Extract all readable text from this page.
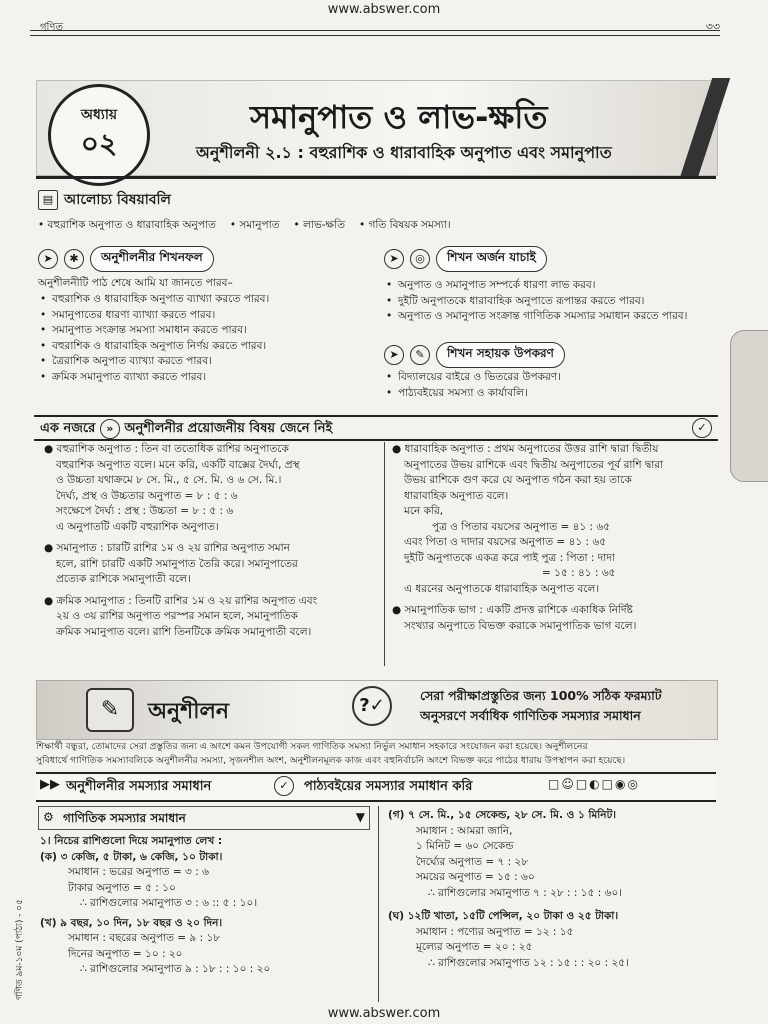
www.abswer.com
গণিত	৩৩
অধ্যায়
০২
সমানুপাত ও লাভ-ক্ষতি
অনুশীলনী ২.১ : বহুরাশিক ও ধারাবাহিক অনুপাত এবং সমানুপাত
▤ আলোচ্য বিষয়াবলি
• বহুরাশিক অনুপাত ও ধারাবাহিক অনুপাত • সমানুপাত • লাভ-ক্ষতি • গতি বিষয়ক সমস্যা।
➤	✱	অনুশীলনীর শিখনফল
অনুশীলনীটি পাঠ শেষে আমি যা জানতে পারব–
• বহুরাশিক ও ধারাবাহিক অনুপাত ব্যাখ্যা করতে পারব।
• সমানুপাতের ধারণা ব্যাখ্যা করতে পারব।
• সমানুপাত সংক্রান্ত সমস্যা সমাধান করতে পারব।
• বহুরাশিক ও ধারাবাহিক অনুপাত নির্ণয় করতে পারব।
• ত্রৈরাশিক অনুপাত ব্যাখ্যা করতে পারব।
• ক্রমিক সমানুপাত ব্যাখ্যা করতে পারব।
➤	◎	শিখন অর্জন যাচাই
• অনুপাত ও সমানুপাত সম্পর্কে ধারণা লাভ করব।
• দুইটি অনুপাতকে ধারাবাহিক অনুপাতে রূপান্তর করতে পারব।
• অনুপাত ও সমানুপাত সংক্রান্ত গাণিতিক সমস্যার সমাধান করতে পারব।
➤	✎	শিখন সহায়ক উপকরণ
• বিদ্যালয়ের বাইরে ও ভিতরের উপকরণ।
• পাঠ্যবইয়ের সমস্যা ও কার্যাবলি।
এক নজরে » অনুশীলনীর প্রয়োজনীয় বিষয় জেনে নিই	✓

● বহুরাশিক অনুপাত : তিন বা ততোধিক রাশির অনুপাতকে

বহুরাশিক অনুপাত বলে। মনে করি, একটি বাক্সের দৈর্ঘ্য, প্রস্থ

ও উচ্চতা যথাক্রমে ৮ সে. মি., ৫ সে. মি. ও ৬ সে. মি.।

দৈর্ঘ্য, প্রস্থ ও উচ্চতার অনুপাত = ৮ : ৫ : ৬

সংক্ষেপে দৈর্ঘ্য : প্রস্থ : উচ্চতা = ৮ : ৫ : ৬

এ অনুপাতটি একটি বহুরাশিক অনুপাত।

● সমানুপাত : চারটি রাশির ১ম ও ২য় রাশির অনুপাত সমান

হলে, রাশি চারটি একটি সমানুপাত তৈরি করে। সমানুপাতের

প্রত্যেক রাশিকে সমানুপাতী বলে।

● ক্রমিক সমানুপাত : তিনটি রাশির ১ম ও ২য় রাশির অনুপাত এবং

২য় ও ৩য় রাশির অনুপাত পরস্পর সমান হলে, সমানুপাতিক

ক্রমিক সমানুপাত বলে। রাশি তিনটিকে ক্রমিক সমানুপাতী বলে।

● ধারাবাহিক অনুপাত : প্রথম অনুপাতের উত্তর রাশি দ্বারা দ্বিতীয়

অনুপাতের উভয় রাশিকে এবং দ্বিতীয় অনুপাতের পূর্ব রাশি দ্বারা

উভয় রাশিকে গুণ করে যে অনুপাত গঠন করা হয় তাকে

ধারাবাহিক অনুপাত বলে।

মনে করি,

পুত্র ও পিতার বয়সের অনুপাত = ৪১ : ৬৫

এবং পিতা ও দাদার বয়সের অনুপাত = ৪১ : ৬৫

দুইটি অনুপাতকে একত্র করে পাই পুত্র : পিতা : দাদা

= ১৫ : ৪১ : ৬৫

এ ধরনের অনুপাতকে ধারাবাহিক অনুপাত বলে।

● সমানুপাতিক ভাগ : একটি প্রদত্ত রাশিকে একাধিক নির্দিষ্ট

সংখ্যার অনুপাতে বিভক্ত করাকে সমানুপাতিক ভাগ বলে।

✎	অনুশীলন	?✓	সেরা পরীক্ষাপ্রস্তুতির জন্য 100% সঠিক ফরম্যাট
অনুসরণে সর্বাধিক গাণিতিক সমস্যার সমাধান
শিক্ষার্থী বন্ধুরা, তোমাদের সেরা প্রস্তুতির জন্য এ অংশে কমন উপযোগী সকল গাণিতিক সমস্যা নির্ভুল সমাধান সহকারে সংযোজন করা হয়েছে। অনুশীলনের
সুবিধার্থে গাণিতিক সমস্যাবলিকে অনুশীলনীর সমস্যা, সৃজনশীল অংশ, অনুশীলনমূলক কাজ এবং বহুনির্বাচনি অংশে বিভক্ত করে পাঠের ধারায় উপস্থাপন করা হয়েছে।
▶▶ অনুশীলনীর সমস্যার সমাধান	✓	পাঠ্যবইয়ের সমস্যার সমাধান করি	□☺□◐□◉◎
⚙ গাণিতিক সমস্যার সমাধান	▼

১। নিচের রাশিগুলো দিয়ে সমানুপাত লেখ :

(ক) ৩ কেজি, ৫ টাকা, ৬ কেজি, ১০ টাকা।

সমাধান : ভরের অনুপাত = ৩ : ৬

টাকার অনুপাত = ৫ : ১০

∴ রাশিগুলোর সমানুপাত ৩ : ৬ :: ৫ : ১০।

(খ) ৯ বছর, ১০ দিন, ১৮ বছর ও ২০ দিন।

সমাধান : বছরের অনুপাত = ৯ : ১৮

দিনের অনুপাত = ১০ : ২০

∴ রাশিগুলোর সমানুপাত ৯ : ১৮ : : ১০ : ২০

(গ) ৭ সে. মি., ১৫ সেকেন্ড, ২৮ সে. মি. ও ১ মিনিট।

সমাধান : আমরা জানি,

১ মিনিট = ৬০ সেকেন্ড

দৈর্ঘ্যের অনুপাত = ৭ : ২৮

সময়ের অনুপাত = ১৫ : ৬০

∴ রাশিগুলোর সমানুপাত ৭ : ২৮ : : ১৫ : ৬০।

(ঘ) ১২টি খাতা, ১৫টি পেন্সিল, ২০ টাকা ও ২৫ টাকা।

সমাধান : পণ্যের অনুপাত = ১২ : ১৫

মূল্যের অনুপাত = ২০ : ২৫

∴ রাশিগুলোর সমানুপাত ১২ : ১৫ : : ২০ : ২৫।

গণিত ৯ম-১০ম (পাঠ্য) - ০৫
www.abswer.com
